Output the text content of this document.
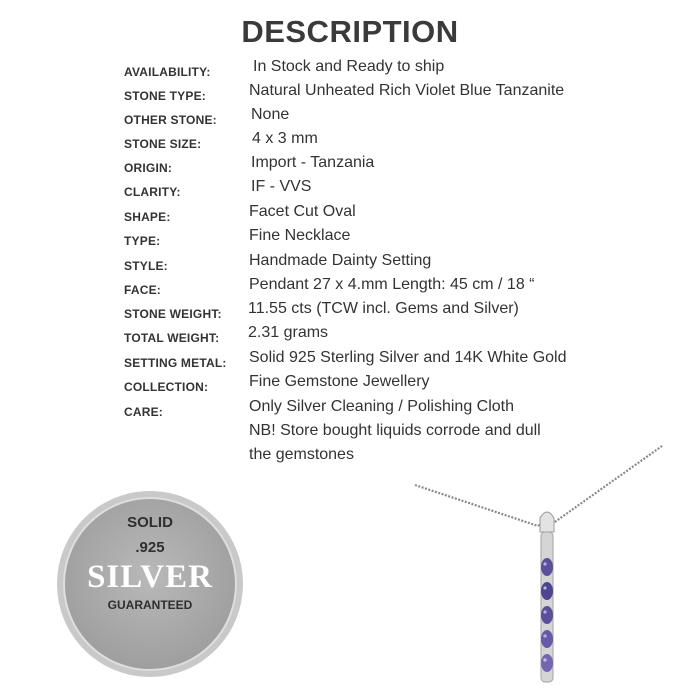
DESCRIPTION
AVAILABILITY:	In Stock and Ready to ship
STONE TYPE:	Natural Unheated Rich Violet Blue Tanzanite
OTHER STONE: None
STONE SIZE:	4 x 3 mm
ORIGIN:	Import - Tanzania
CLARITY:	IF - VVS
SHAPE:	Facet Cut Oval
TYPE:	Fine Necklace
STYLE:	Handmade Dainty Setting
FACE:	Pendant 27 x 4.mm Length: 45 cm / 18 “
STONE WEIGHT: 11.55 cts (TCW incl. Gems and Silver)
TOTAL WEIGHT: 2.31 grams
SETTING METAL: Solid 925 Sterling Silver and 14K White Gold
COLLECTION:	Fine Gemstone Jewellery
CARE:	Only Silver Cleaning / Polishing Cloth
NB! Store bought liquids corrode and dull
the gemstones
SOLID
.925
SILVER
GUARANTEED
